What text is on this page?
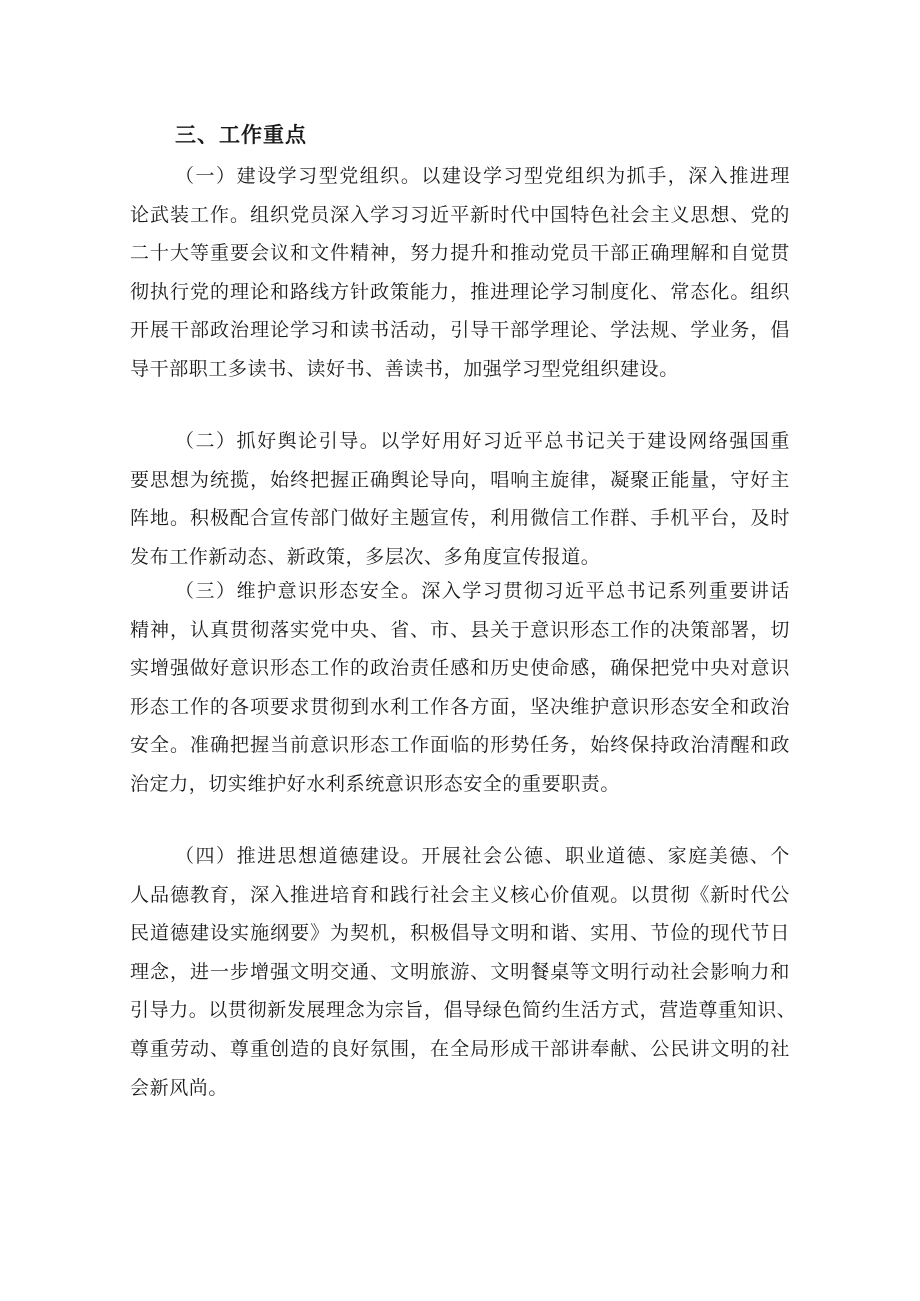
三、工作重点
（一）建设学习型党组织。以建设学习型党组织为抓手，深入推进理
论武装工作。组织党员深入学习习近平新时代中国特色社会主义思想、党的
二十大等重要会议和文件精神，努力提升和推动党员干部正确理解和自觉贯
彻执行党的理论和路线方针政策能力，推进理论学习制度化、常态化。组织
开展干部政治理论学习和读书活动，引导干部学理论、学法规、学业务，倡
导干部职工多读书、读好书、善读书，加强学习型党组织建设。
（二）抓好舆论引导。以学好用好习近平总书记关于建设网络强国重
要思想为统揽，始终把握正确舆论导向，唱响主旋律，凝聚正能量，守好主
阵地。积极配合宣传部门做好主题宣传，利用微信工作群、手机平台，及时
发布工作新动态、新政策，多层次、多角度宣传报道。
（三）维护意识形态安全。深入学习贯彻习近平总书记系列重要讲话
精神，认真贯彻落实党中央、省、市、县关于意识形态工作的决策部署，切
实增强做好意识形态工作的政治责任感和历史使命感，确保把党中央对意识
形态工作的各项要求贯彻到水利工作各方面，坚决维护意识形态安全和政治
安全。准确把握当前意识形态工作面临的形势任务，始终保持政治清醒和政
治定力，切实维护好水利系统意识形态安全的重要职责。
（四）推进思想道德建设。开展社会公德、职业道德、家庭美德、个
人品德教育，深入推进培育和践行社会主义核心价值观。以贯彻《新时代公
民道德建设实施纲要》为契机，积极倡导文明和谐、实用、节俭的现代节日
理念，进一步增强文明交通、文明旅游、文明餐桌等文明行动社会影响力和
引导力。以贯彻新发展理念为宗旨，倡导绿色简约生活方式，营造尊重知识、
尊重劳动、尊重创造的良好氛围，在全局形成干部讲奉献、公民讲文明的社
会新风尚。
